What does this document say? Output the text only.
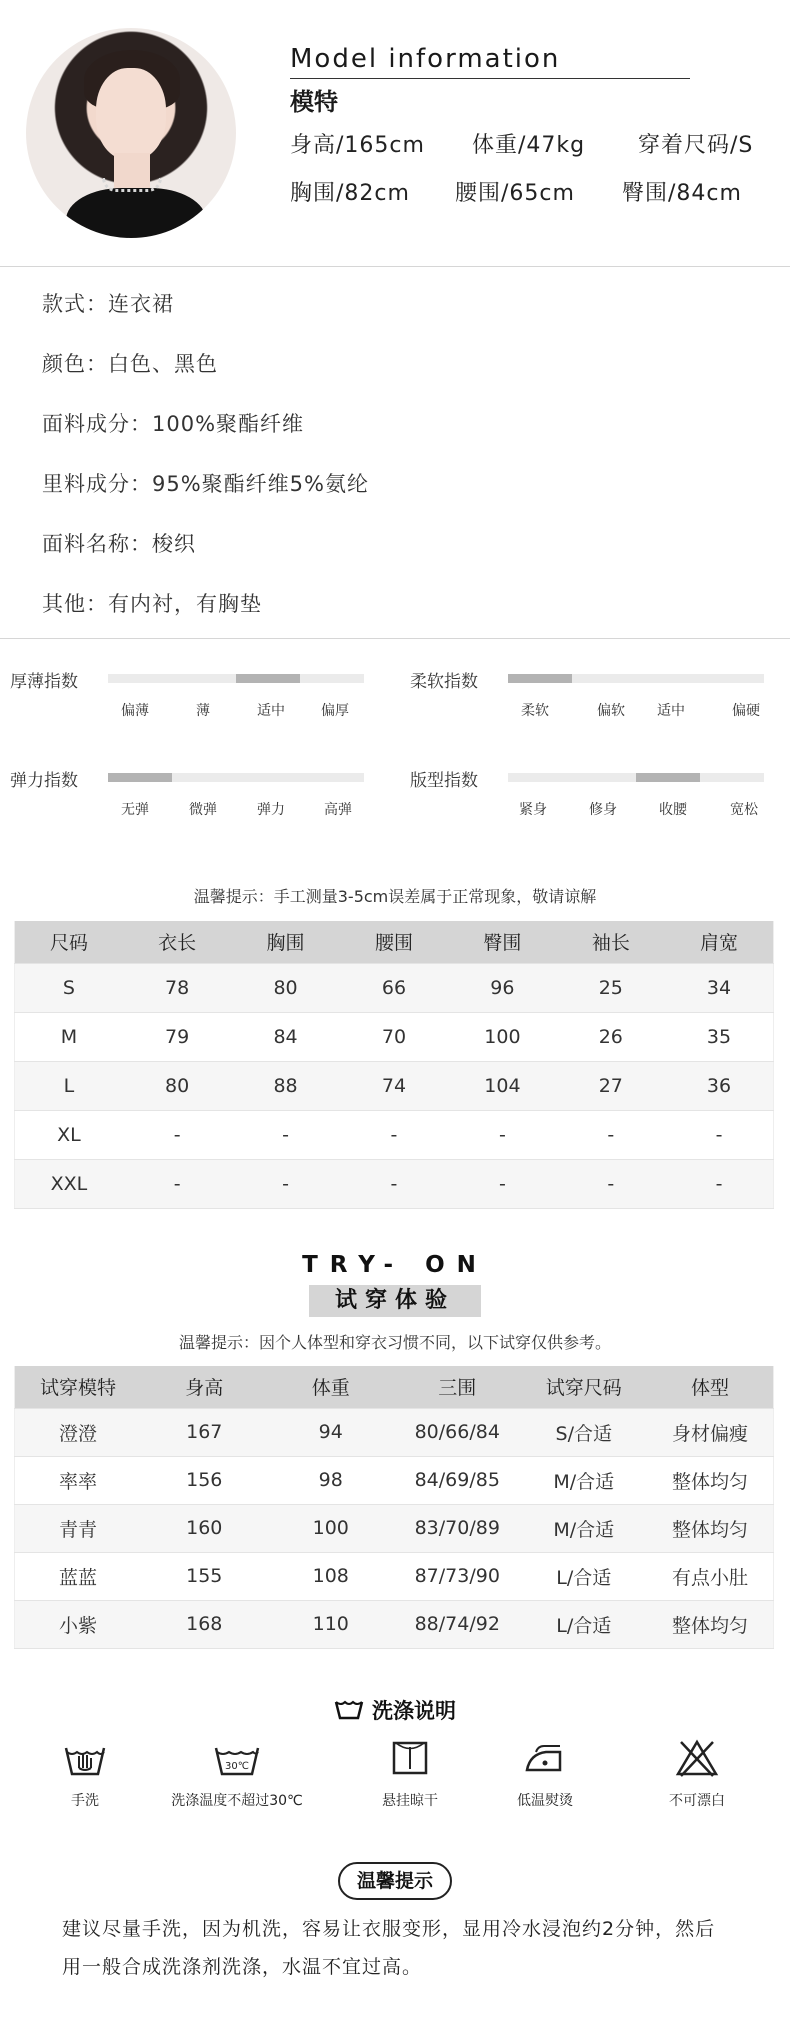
Model information
模特
身高/165cm 体重/47kg 穿着尺码/S
胸围/82cm 腰围/65cm 臀围/84cm
款式：连衣裙
颜色：白色、黑色
面料成分：100%聚酯纤维
里料成分：95%聚酯纤维5%氨纶
面料名称：梭织
其他：有内衬，有胸垫
厚薄指数
偏薄	薄	适中	偏厚
柔软指数
柔软	偏软 适中	偏硬
弹力指数
无弹	微弹	弹力	高弹
版型指数
紧身	修身	收腰	宽松
温馨提示：手工测量3-5cm误差属于正常现象，敬请谅解
尺码	衣长	胸围	腰围	臀围	袖长	肩宽
S	78	80	66	96	25	34
M	79	84	70	100	26	35
L	80	88	74	104	27	36
XL	-	-	-	-	-	-
XXL	-	-	-	-	-	-
TRY- ON
试穿体验
温馨提示：因个人体型和穿衣习惯不同，以下试穿仅供参考。
试穿模特	身高	体重	三围	试穿尺码	体型
澄澄	167	94	80/66/84	S/合适	身材偏瘦
率率	156	98	84/69/85	M/合适	整体均匀
青青	160	100	83/70/89	M/合适	整体均匀
蓝蓝	155	108	87/73/90	L/合适	有点小肚
小紫	168	110	88/74/92	L/合适	整体均匀
洗涤说明
手洗
30℃
洗涤温度不超过30℃	悬挂晾干	低温熨烫	不可漂白
温馨提示
建议尽量手洗，因为机洗，容易让衣服变形，显用冷水浸泡约2分钟，然后
用一般合成洗涤剂洗涤，水温不宜过高。
